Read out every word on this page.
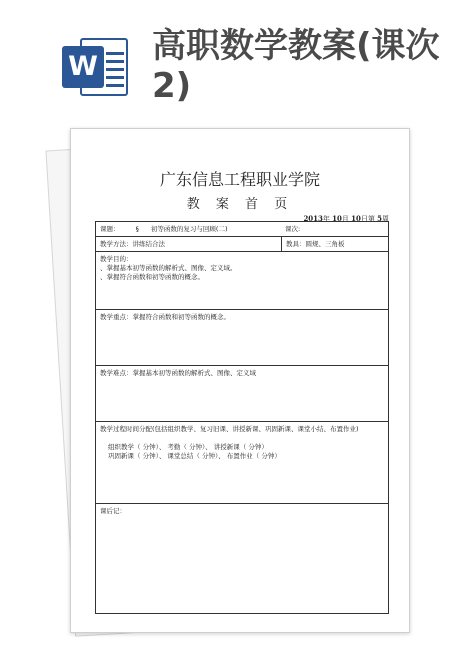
W
高职数学教案(课次2)
广东信息工程职业学院
教 案 首 页
2013年 10月 10日第 5周
课题： § 初等函数的复习与回顾(二)	课次:
教学方法：讲练结合法	教具：圆规、三角板

教学目的：

、掌握基本初等函数的解析式、图像、定义域。

、掌握符合函数和初等函数的概念。

教学重点：掌握符合函数和初等函数的概念。

教学难点：掌握基本初等函数的解析式、图像、定义域

教学过程时间分配(包括组织教学、复习旧课、讲授新课、巩固新课、课堂小结、布置作业)

组织教学（ 分钟）、 考勤（ 分钟）、 讲授新课（ 分钟）

巩固新课（ 分钟）、 课堂总结（ 分钟）、 布置作业（ 分钟）

课后记：
